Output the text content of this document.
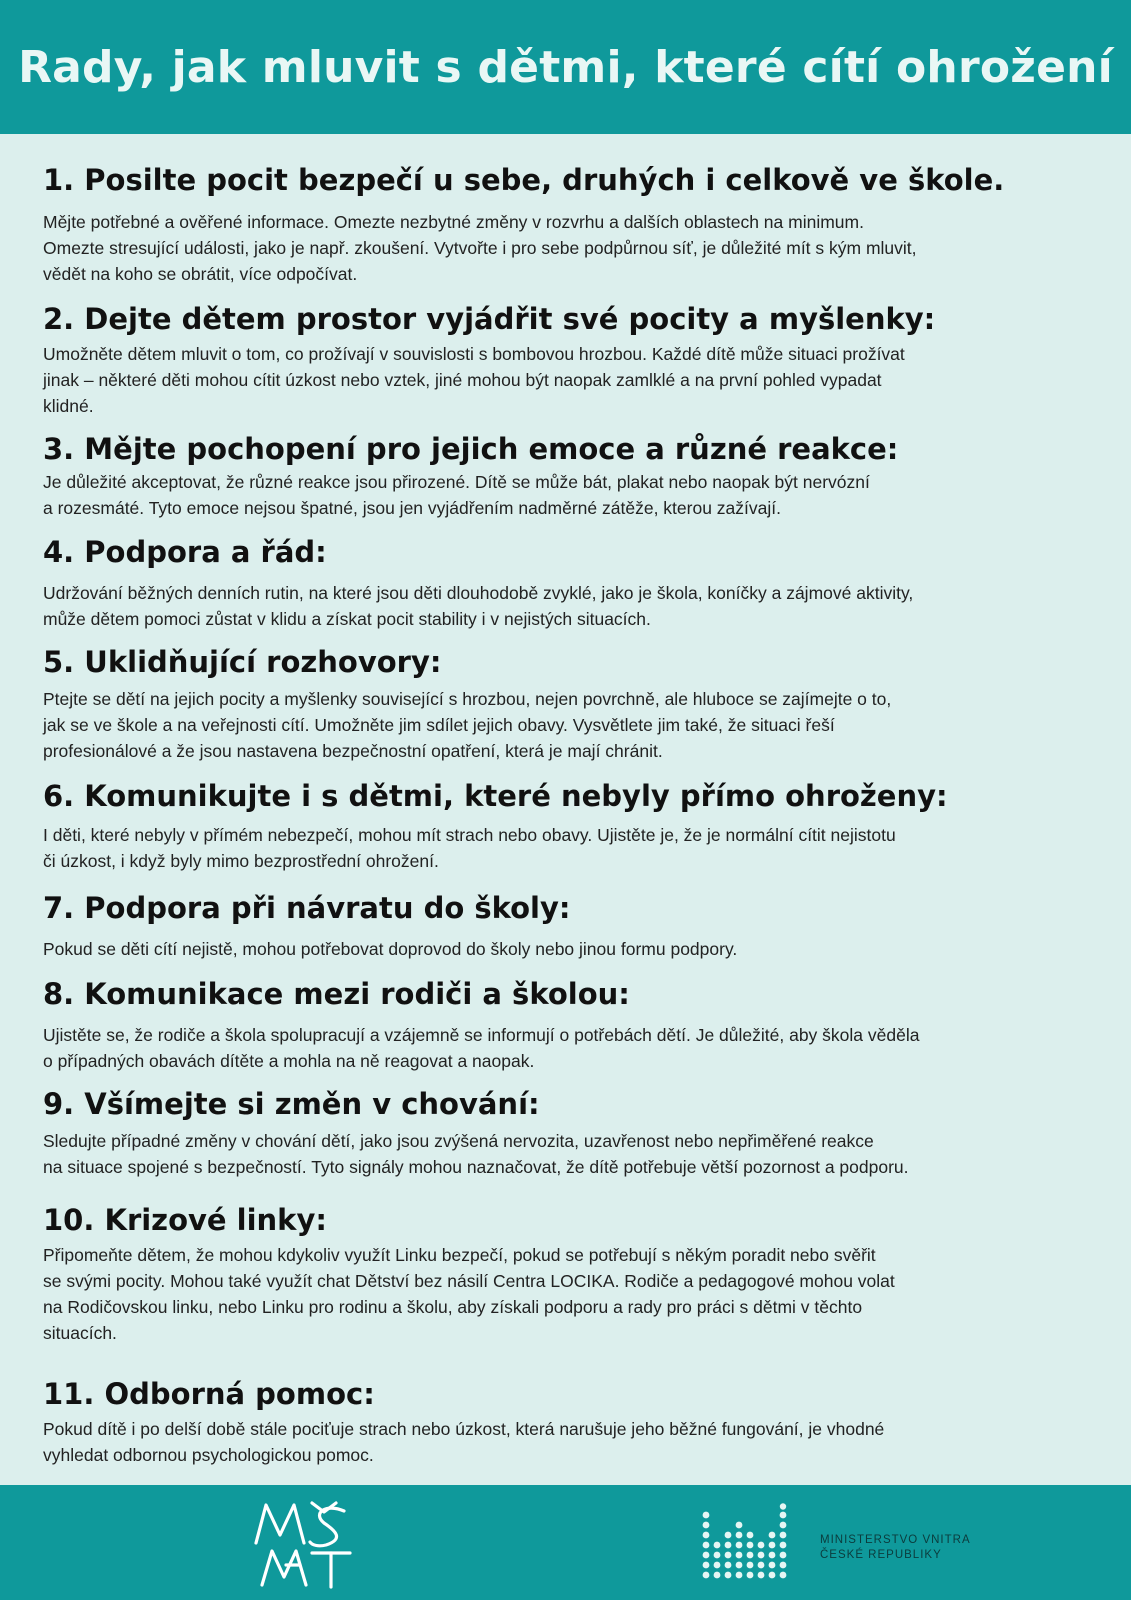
Rady, jak mluvit s dětmi, které cítí ohrožení
1. Posilte pocit bezpečí u sebe, druhých i celkově ve škole.

Mějte potřebné a ověřené informace. Omezte nezbytné změny v rozvrhu a dalších oblastech na minimum.
Omezte stresující události, jako je např. zkoušení. Vytvořte i pro sebe podpůrnou síť, je důležité mít s kým mluvit,
vědět na koho se obrátit, více odpočívat.

2. Dejte dětem prostor vyjádřit své pocity a myšlenky:

Umožněte dětem mluvit o tom, co prožívají v souvislosti s bombovou hrozbou. Každé dítě může situaci prožívat
jinak – některé děti mohou cítit úzkost nebo vztek, jiné mohou být naopak zamlklé a na první pohled vypadat
klidné.

3. Mějte pochopení pro jejich emoce a různé reakce:

Je důležité akceptovat, že různé reakce jsou přirozené. Dítě se může bát, plakat nebo naopak být nervózní
a rozesmáté. Tyto emoce nejsou špatné, jsou jen vyjádřením nadměrné zátěže, kterou zažívají.

4. Podpora a řád:

Udržování běžných denních rutin, na které jsou děti dlouhodobě zvyklé, jako je škola, koníčky a zájmové aktivity,
může dětem pomoci zůstat v klidu a získat pocit stability i v nejistých situacích.

5. Uklidňující rozhovory:

Ptejte se dětí na jejich pocity a myšlenky související s hrozbou, nejen povrchně, ale hluboce se zajímejte o to,
jak se ve škole a na veřejnosti cítí. Umožněte jim sdílet jejich obavy. Vysvětlete jim také, že situaci řeší
profesionálové a že jsou nastavena bezpečnostní opatření, která je mají chránit.

6. Komunikujte i s dětmi, které nebyly přímo ohroženy:

I děti, které nebyly v přímém nebezpečí, mohou mít strach nebo obavy. Ujistěte je, že je normální cítit nejistotu
či úzkost, i když byly mimo bezprostřední ohrožení.

7. Podpora při návratu do školy:

Pokud se děti cítí nejistě, mohou potřebovat doprovod do školy nebo jinou formu podpory.

8. Komunikace mezi rodiči a školou:

Ujistěte se, že rodiče a škola spolupracují a vzájemně se informují o potřebách dětí. Je důležité, aby škola věděla
o případných obavách dítěte a mohla na ně reagovat a naopak.

9. Všímejte si změn v chování:

Sledujte případné změny v chování dětí, jako jsou zvýšená nervozita, uzavřenost nebo nepřiměřené reakce
na situace spojené s bezpečností. Tyto signály mohou naznačovat, že dítě potřebuje větší pozornost a podporu.

10. Krizové linky:

Připomeňte dětem, že mohou kdykoliv využít Linku bezpečí, pokud se potřebují s někým poradit nebo svěřit
se svými pocity. Mohou také využít chat Dětství bez násilí Centra LOCIKA. Rodiče a pedagogové mohou volat
na Rodičovskou linku, nebo Linku pro rodinu a školu, aby získali podporu a rady pro práci s dětmi v těchto
situacích.

11. Odborná pomoc:

Pokud dítě i po delší době stále pociťuje strach nebo úzkost, která narušuje jeho běžné fungování, je vhodné
vyhledat odbornou psychologickou pomoc.

MINISTERSTVO VNITRA
ČESKÉ REPUBLIKY
